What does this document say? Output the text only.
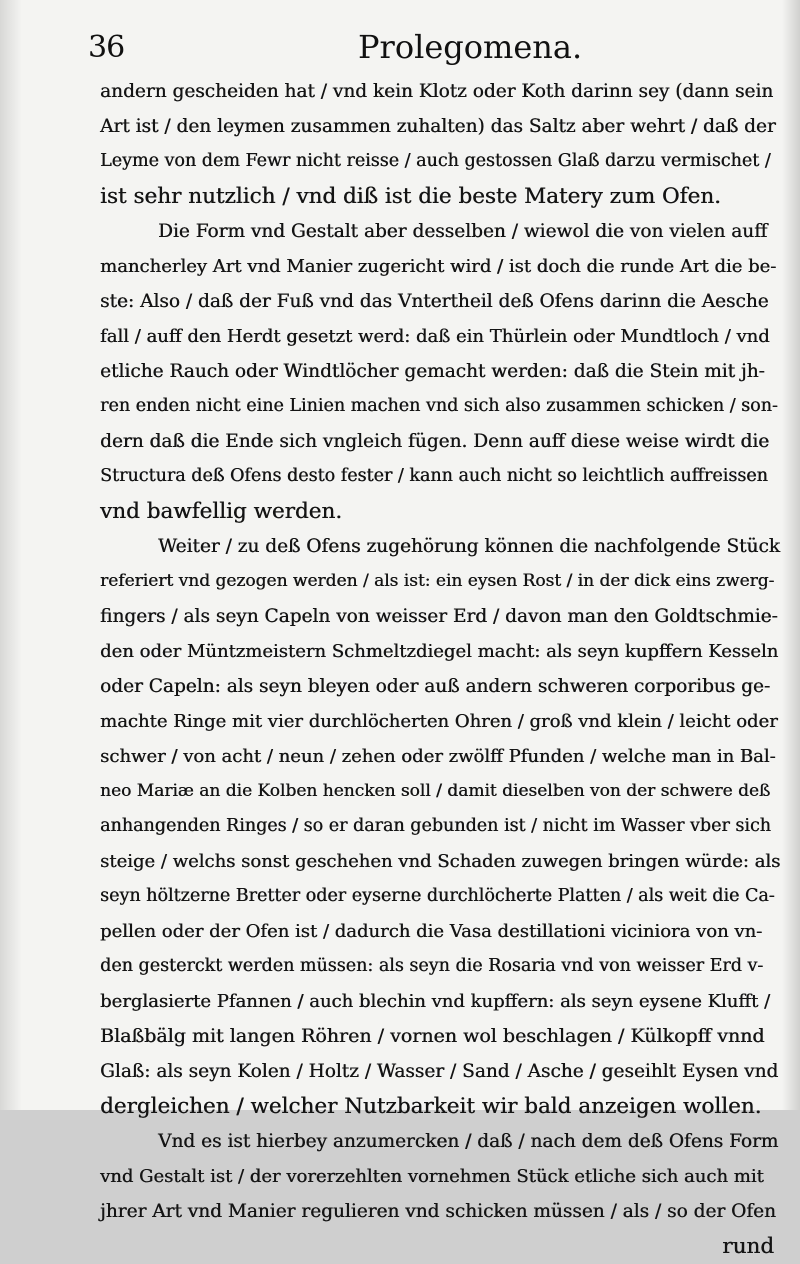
36	Prolegomena.
andern gescheiden hat / vnd kein Klotz oder Koth darinn sey (dann sein
Art ist / den leymen zusammen zuhalten) das Saltz aber wehrt / daß der
Leyme von dem Fewr nicht reisse / auch gestossen Glaß darzu vermischet /
ist sehr nutzlich / vnd diß ist die beste Matery zum Ofen.
Die Form vnd Gestalt aber desselben / wiewol die von vielen auff
mancherley Art vnd Manier zugericht wird / ist doch die runde Art die be-
ste: Also / daß der Fuß vnd das Vntertheil deß Ofens darinn die Aesche
fall / auff den Herdt gesetzt werd: daß ein Thürlein oder Mundtloch / vnd
etliche Rauch oder Windtlöcher gemacht werden: daß die Stein mit jh-
ren enden nicht eine Linien machen vnd sich also zusammen schicken / son-
dern daß die Ende sich vngleich fügen. Denn auff diese weise wirdt die
Structura deß Ofens desto fester / kann auch nicht so leichtlich auffreissen
vnd bawfellig werden.
Weiter / zu deß Ofens zugehörung können die nachfolgende Stück
referiert vnd gezogen werden / als ist: ein eysen Rost / in der dick eins zwerg-
fingers / als seyn Capeln von weisser Erd / davon man den Goldtschmie-
den oder Müntzmeistern Schmeltzdiegel macht: als seyn kupffern Kesseln
oder Capeln: als seyn bleyen oder auß andern schweren corporibus ge-
machte Ringe mit vier durchlöcherten Ohren / groß vnd klein / leicht oder
schwer / von acht / neun / zehen oder zwölff Pfunden / welche man in Bal-
neo Mariæ an die Kolben hencken soll / damit dieselben von der schwere deß
anhangenden Ringes / so er daran gebunden ist / nicht im Wasser vber sich
steige / welchs sonst geschehen vnd Schaden zuwegen bringen würde: als
seyn höltzerne Bretter oder eyserne durchlöcherte Platten / als weit die Ca-
pellen oder der Ofen ist / dadurch die Vasa destillationi viciniora von vn-
den gesterckt werden müssen: als seyn die Rosaria vnd von weisser Erd v-
berglasierte Pfannen / auch blechin vnd kupffern: als seyn eysene Klufft /
Blaßbälg mit langen Röhren / vornen wol beschlagen / Külkopff vnnd
Glaß: als seyn Kolen / Holtz / Wasser / Sand / Asche / geseihlt Eysen vnd
dergleichen / welcher Nutzbarkeit wir bald anzeigen wollen.
Vnd es ist hierbey anzumercken / daß / nach dem deß Ofens Form
vnd Gestalt ist / der vorerzehlten vornehmen Stück etliche sich auch mit
jhrer Art vnd Manier regulieren vnd schicken müssen / als / so der Ofen
rund
